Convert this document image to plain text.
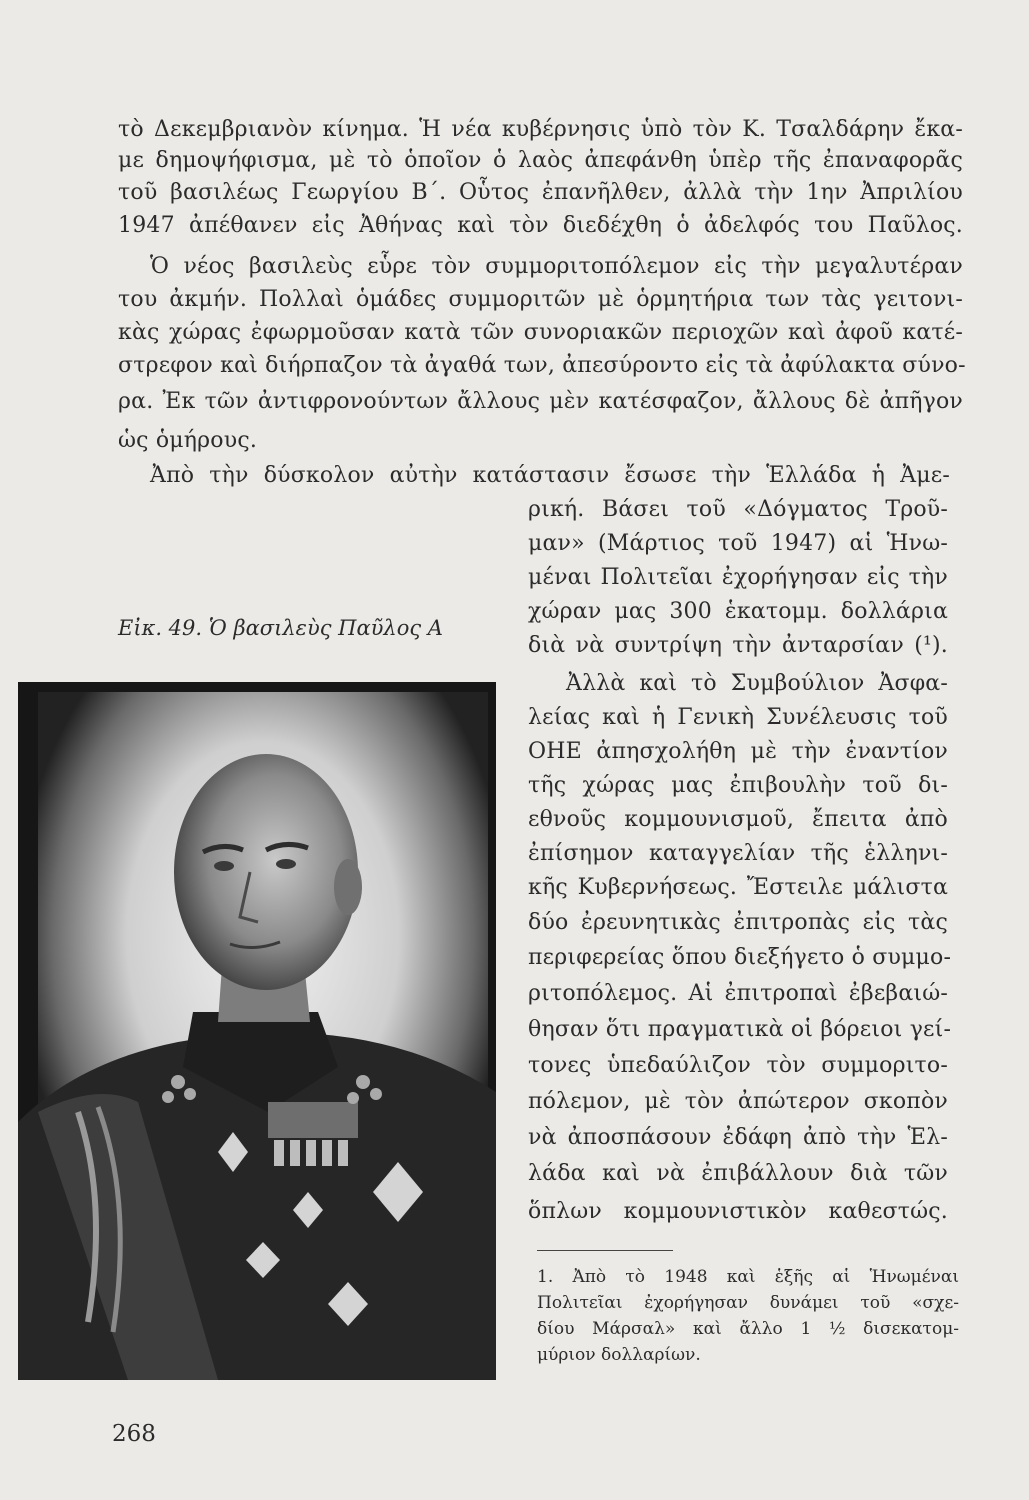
τὸ Δεκεμβριανὸν κίνημα. Ἡ νέα κυβέρνησις ὑπὸ τὸν Κ. Τσαλδάρην ἔκα-

με δημοψήφισμα, μὲ τὸ ὁποῖον ὁ λαὸς ἀπεφάνθη ὑπὲρ τῆς ἐπαναφορᾶς

τοῦ βασιλέως Γεωργίου Β΄. Οὗτος ἐπανῆλθεν, ἀλλὰ τὴν 1ην Ἀπριλίου

1947 ἀπέθανεν εἰς Ἀθήνας καὶ τὸν διεδέχθη ὁ ἀδελφός του Παῦλος.

Ὁ νέος βασιλεὺς εὗρε τὸν συμμοριτοπόλεμον εἰς τὴν μεγαλυτέραν

του ἀκμήν. Πολλαὶ ὁμάδες συμμοριτῶν μὲ ὁρμητήρια των τὰς γειτονι-

κὰς χώρας ἐφωρμοῦσαν κατὰ τῶν συνοριακῶν περιοχῶν καὶ ἀφοῦ κατέ-

στρεφον καὶ διήρπαζον τὰ ἀγαθά των, ἀπεσύροντο εἰς τὰ ἀφύλακτα σύνο-

ρα. Ἐκ τῶν ἀντιφρονούντων ἄλλους μὲν κατέσφαζον, ἄλλους δὲ ἀπῆγον

ὡς ὁμήρους.

Ἀπὸ τὴν δύσκολον αὐτὴν κατάστασιν ἔσωσε τὴν Ἑλλάδα ἡ Ἀμε-

ρική. Βάσει τοῦ «Δόγματος Τροῦ-

μαν» (Μάρτιος τοῦ 1947) αἱ Ἡνω-

μέναι Πολιτεῖαι ἐχορήγησαν εἰς τὴν

χώραν μας 300 ἑκατομμ. δολλάρια

διὰ νὰ συντρίψη τὴν ἀνταρσίαν (¹).

Ἀλλὰ καὶ τὸ Συμβούλιον Ἀσφα-

λείας καὶ ἡ Γενικὴ Συνέλευσις τοῦ

ΟΗΕ ἀπησχολήθη μὲ τὴν ἐναντίον

τῆς χώρας μας ἐπιβουλὴν τοῦ δι-

εθνοῦς κομμουνισμοῦ, ἔπειτα ἀπὸ

ἐπίσημον καταγγελίαν τῆς ἑλληνι-

κῆς Κυβερνήσεως. Ἔστειλε μάλιστα

δύο ἐρευνητικὰς ἐπιτροπὰς εἰς τὰς

περιφερείας ὅπου διεξήγετο ὁ συμμο-

ριτοπόλεμος. Αἱ ἐπιτροπαὶ ἐβεβαιώ-

θησαν ὅτι πραγματικὰ οἱ βόρειοι γεί-

τονες ὑπεδαύλιζον τὸν συμμοριτο-

πόλεμον, μὲ τὸν ἀπώτερον σκοπὸν

νὰ ἀποσπάσουν ἐδάφη ἀπὸ τὴν Ἑλ-

λάδα καὶ νὰ ἐπιβάλλουν διὰ τῶν

ὅπλων κομμουνιστικὸν καθεστώς.

Εἰκ. 49. Ὁ βασιλεὺς Παῦλος Α

1. Ἀπὸ τὸ 1948 καὶ ἑξῆς αἱ Ἡνωμέναι

Πολιτεῖαι ἐχορήγησαν δυνάμει τοῦ «σχε-

δίου Μάρσαλ» καὶ ἄλλο 1 ½ δισεκατομ-

μύριον δολλαρίων.

268
